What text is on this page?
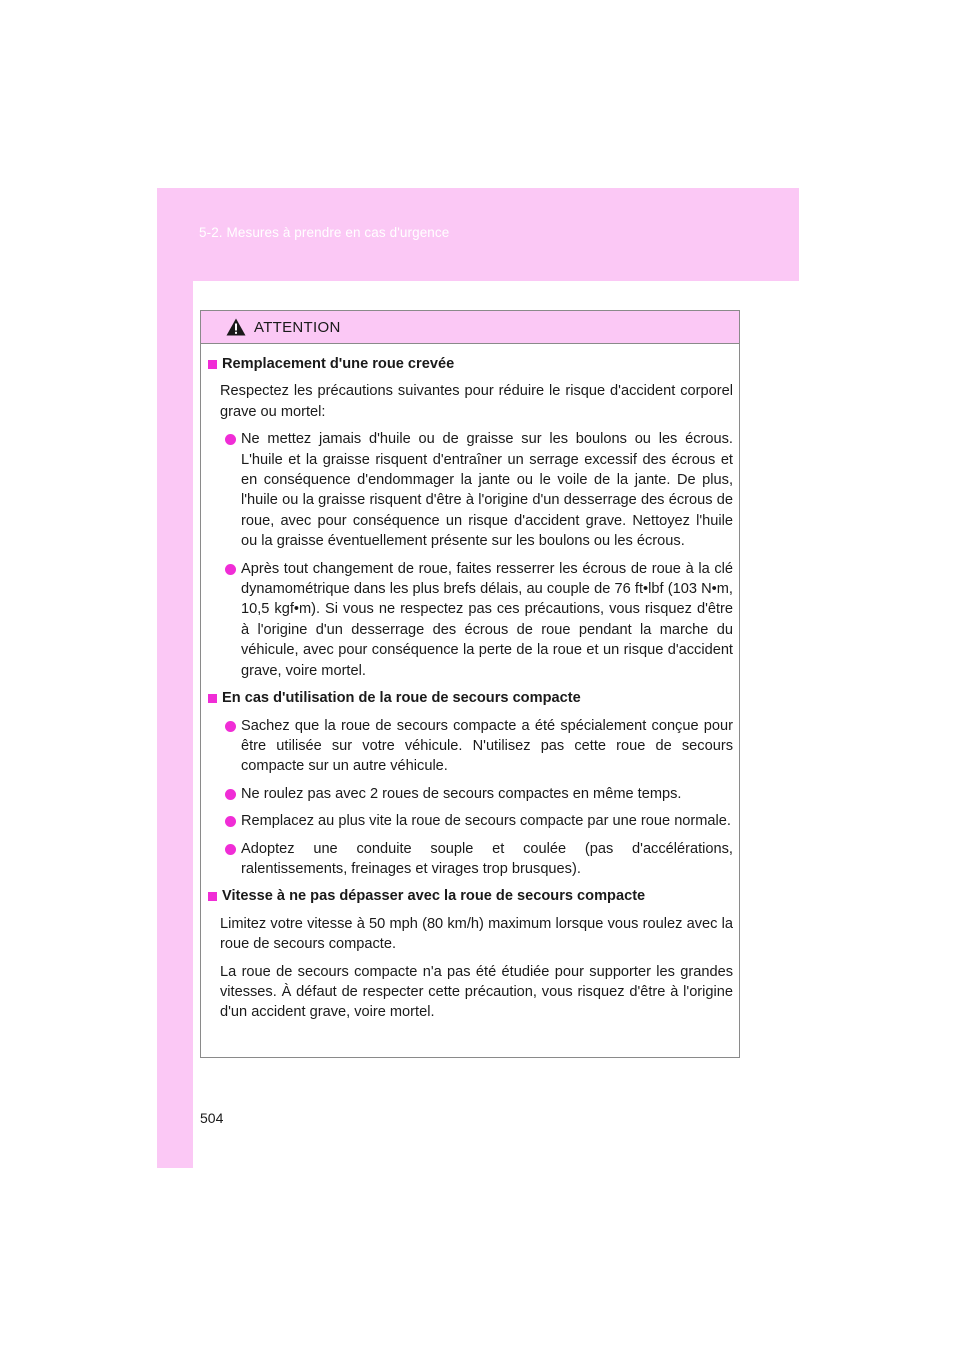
5-2. Mesures à prendre en cas d'urgence
ATTENTION
Remplacement d'une roue crevée
Respectez les précautions suivantes pour réduire le risque d'accident corporel grave ou mortel:
Ne mettez jamais d'huile ou de graisse sur les boulons ou les écrous. L'huile et la graisse risquent d'entraîner un serrage excessif des écrous et en conséquence d'endommager la jante ou le voile de la jante. De plus, l'huile ou la graisse risquent d'être à l'origine d'un desserrage des écrous de roue, avec pour conséquence un risque d'accident grave. Nettoyez l'huile ou la graisse éventuellement présente sur les boulons ou les écrous.
Après tout changement de roue, faites resserrer les écrous de roue à la clé dynamométrique dans les plus brefs délais, au couple de 76 ft•lbf (103 N•m, 10,5 kgf•m). Si vous ne respectez pas ces précautions, vous risquez d'être à l'origine d'un desserrage des écrous de roue pendant la marche du véhicule, avec pour conséquence la perte de la roue et un risque d'accident grave, voire mortel.
En cas d'utilisation de la roue de secours compacte
Sachez que la roue de secours compacte a été spécialement conçue pour être utilisée sur votre véhicule. N'utilisez pas cette roue de secours compacte sur un autre véhicule.
Ne roulez pas avec 2 roues de secours compactes en même temps.
Remplacez au plus vite la roue de secours compacte par une roue normale.
Adoptez une conduite souple et coulée (pas d'accélérations, ralentissements, freinages et virages trop brusques).
Vitesse à ne pas dépasser avec la roue de secours compacte
Limitez votre vitesse à 50 mph (80 km/h) maximum lorsque vous roulez avec la roue de secours compacte.
La roue de secours compacte n'a pas été étudiée pour supporter les grandes vitesses. À défaut de respecter cette précaution, vous risquez d'être à l'origine d'un accident grave, voire mortel.
504
